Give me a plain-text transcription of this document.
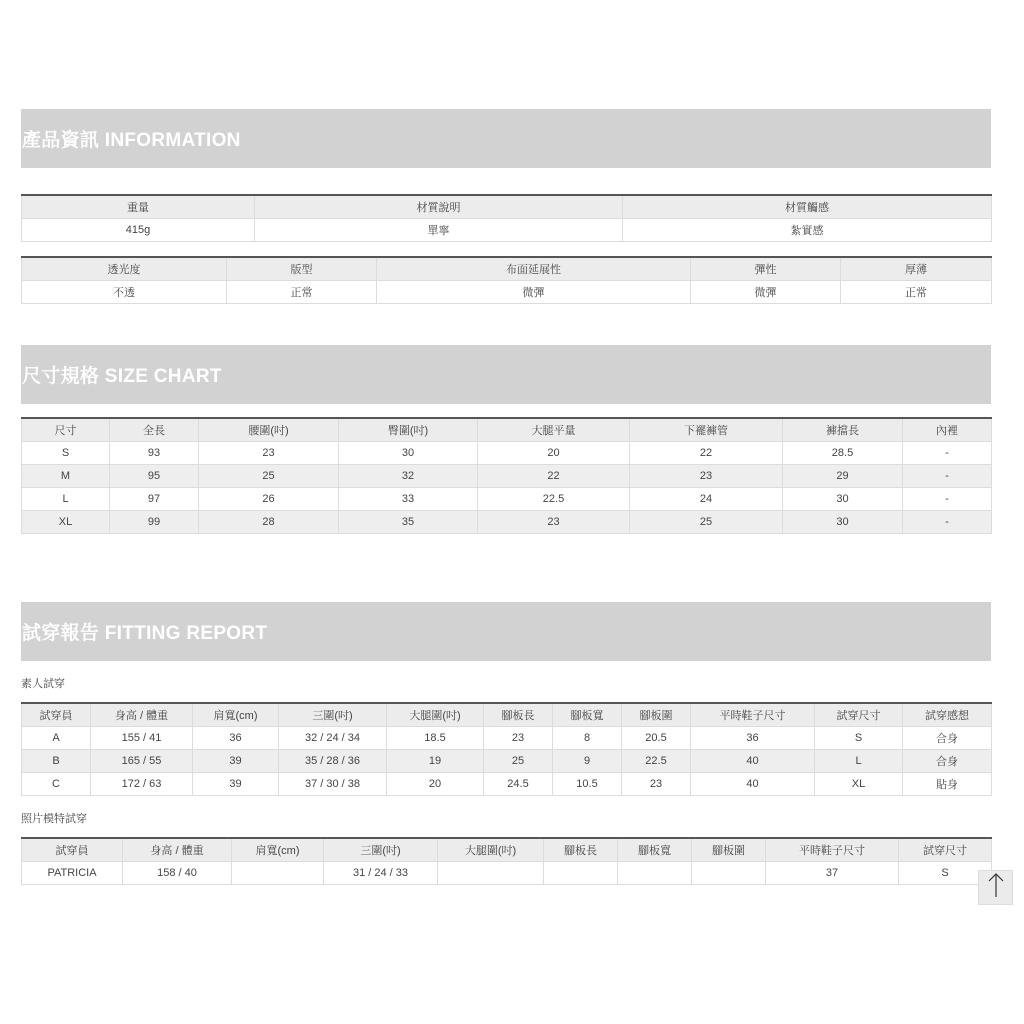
產品資訊 INFORMATION
重量	材質說明	材質觸感
415g	單寧	紮實感
透光度	版型	布面延展性	彈性	厚薄
不透	正常	微彈	微彈	正常
尺寸規格 SIZE CHART
尺寸	全長	腰圍(吋)	臀圍(吋)	大腿平量	下襬褲管	褲擋長	內裡
S	93	23	30	20	22	28.5	-
M	95	25	32	22	23	29	-
L	97	26	33	22.5	24	30	-
XL	99	28	35	23	25	30	-
試穿報告 FITTING REPORT
素人試穿
試穿員	身高 / 體重	肩寬(cm)	三圍(吋)	大腿圍(吋)	腳板長	腳板寬	腳板圍	平時鞋子尺寸	試穿尺寸	試穿感想
A	155 / 41	36	32 / 24 / 34	18.5	23	8	20.5	36	S	合身
B	165 / 55	39	35 / 28 / 36	19	25	9	22.5	40	L	合身
C	172 / 63	39	37 / 30 / 38	20	24.5	10.5	23	40	XL	貼身
照片模特試穿
試穿員	身高 / 體重	肩寬(cm)	三圍(吋)	大腿圍(吋)	腳板長	腳板寬	腳板圍	平時鞋子尺寸	試穿尺寸
PATRICIA	158 / 40		31 / 24 / 33					37	S
